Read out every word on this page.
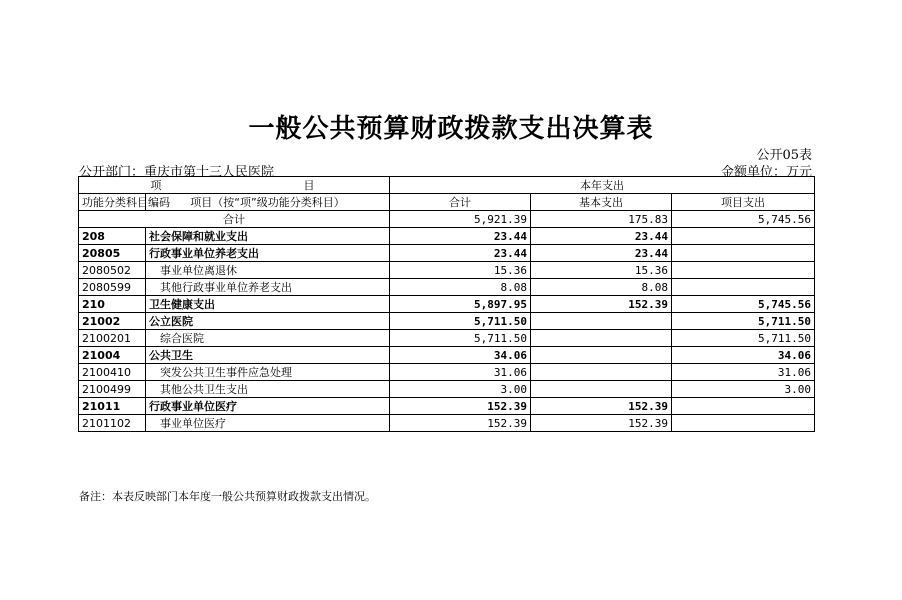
一般公共预算财政拨款支出决算表
公开05表
公开部门：重庆市第十三人民医院	金额单位：万元
项　　目		本年支出		
功能分类科目编码	项目（按“项”级功能分类科目）	合计	基本支出	项目支出
合计		5,921.39	175.83	5,745.56
208	社会保障和就业支出	23.44	23.44	
20805	行政事业单位养老支出	23.44	23.44	
2080502	事业单位离退休	15.36	15.36	
2080599	其他行政事业单位养老支出	8.08	8.08	
210	卫生健康支出	5,897.95	152.39	5,745.56
21002	公立医院	5,711.50		5,711.50
2100201	综合医院	5,711.50		5,711.50
21004	公共卫生	34.06		34.06
2100410	突发公共卫生事件应急处理	31.06		31.06
2100499	其他公共卫生支出	3.00		3.00
21011	行政事业单位医疗	152.39	152.39	
2101102	事业单位医疗	152.39	152.39	
备注：本表反映部门本年度一般公共预算财政拨款支出情况。
